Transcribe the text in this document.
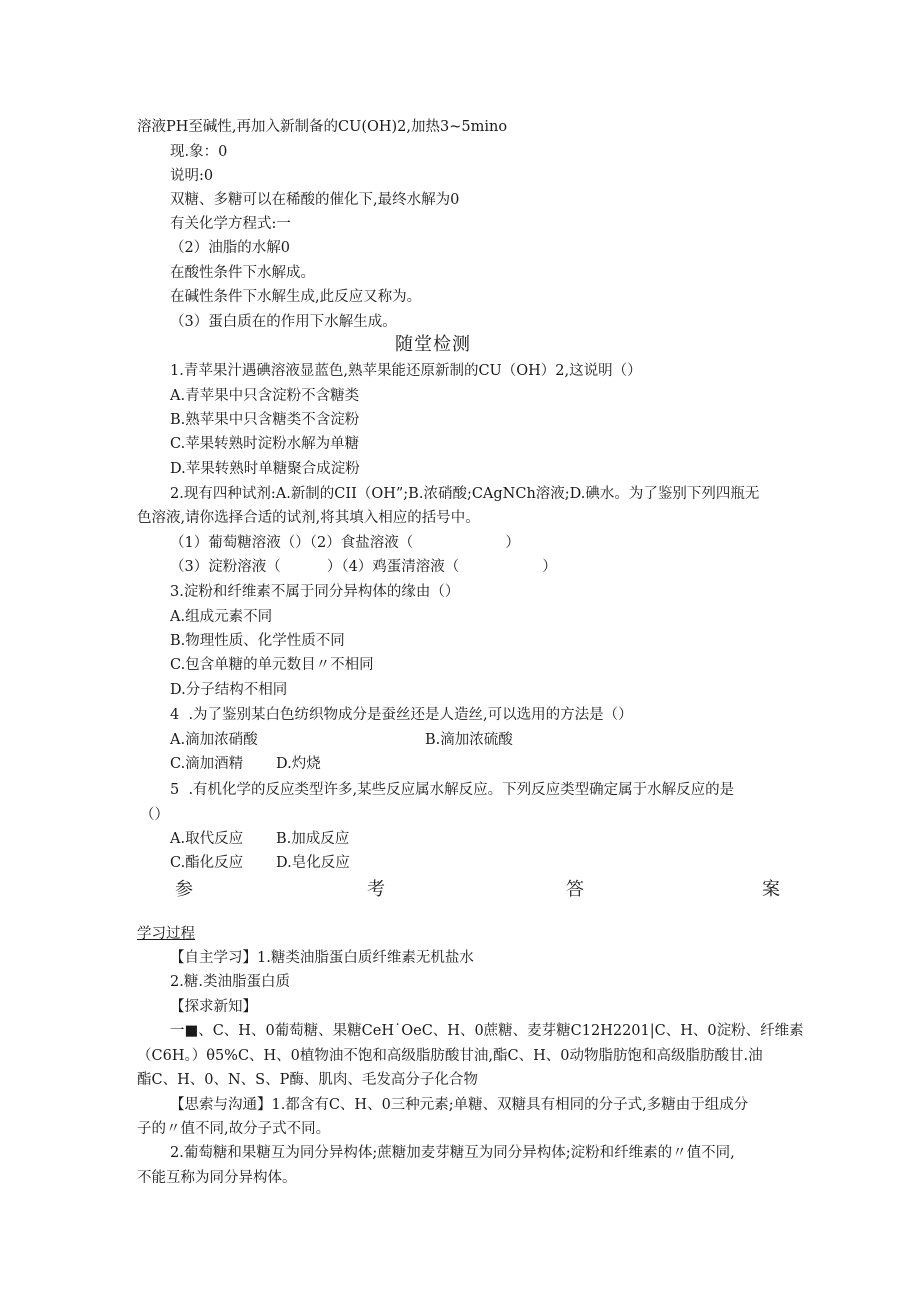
溶液PH至碱性,再加入新制备的CU(OH)2,加热3~5mino
现.象：0
说明:0
双糖、多糖可以在稀酸的催化下,最终水解为0
有关化学方程式:一
（2）油脂的水解0
在酸性条件下水解成。
在碱性条件下水解生成,此反应又称为。
（3）蛋白质在的作用下水解生成。
随堂检测
1.青苹果汁遇碘溶液显蓝色,熟苹果能还原新制的CU（OH）2,这说明（）
A.青苹果中只含淀粉不含糖类
B.熟苹果中只含糖类不含淀粉
C.苹果转熟时淀粉水解为单糖
D.苹果转熟时单糖聚合成淀粉
2.现有四种试剂:A.新制的CII（OH”;B.浓硝酸;CAgNCh溶液;D.碘水。为了鉴别下列四瓶无
色溶液,请你选择合适的试剂,将其填入相应的括号中。
（1）葡萄糖溶液（）（2）食盐溶液（                    ）
（3）淀粉溶液（          ）（4）鸡蛋清溶液（                  ）
3.淀粉和纤维素不属于同分异构体的缘由（）
A.组成元素不同
B.物理性质、化学性质不同
C.包含单糖的单元数目〃不相同
D.分子结构不相同
4  .为了鉴别某白色纺织物成分是蚕丝还是人造丝,可以选用的方法是（）
A.滴加浓硝酸	B.滴加浓硫酸
C.滴加酒精 D.灼烧
5  .有机化学的反应类型许多,某些反应属水解反应。下列反应类型确定属于水解反应的是
（）
A.取代反应 B.加成反应
C.酯化反应 D.皂化反应
参	考	答	案
学习过程
【自主学习】1.糖类油脂蛋白质纤维素无机盐水
2.糖.类油脂蛋白质
【探求新知】
一■、C、H、0葡萄糖、果糖CeH˙OeC、H、0蔗糖、麦芽糖C12H2201|C、H、0淀粉、纤维素
（C6H。）θ5%C、H、0植物油不饱和高级脂肪酸甘油,酯C、H、0动物脂肪饱和高级脂肪酸甘.油
酯C、H、0、N、S、P酶、肌肉、毛发高分子化合物
【思索与沟通】1.都含有C、H、0三种元素;单糖、双糖具有相同的分子式,多糖由于组成分
子的〃值不同,故分子式不同。
2.葡萄糖和果糖互为同分异构体;蔗糖加麦芽糖互为同分异构体;淀粉和纤维素的〃值不同,
不能互称为同分异构体。
